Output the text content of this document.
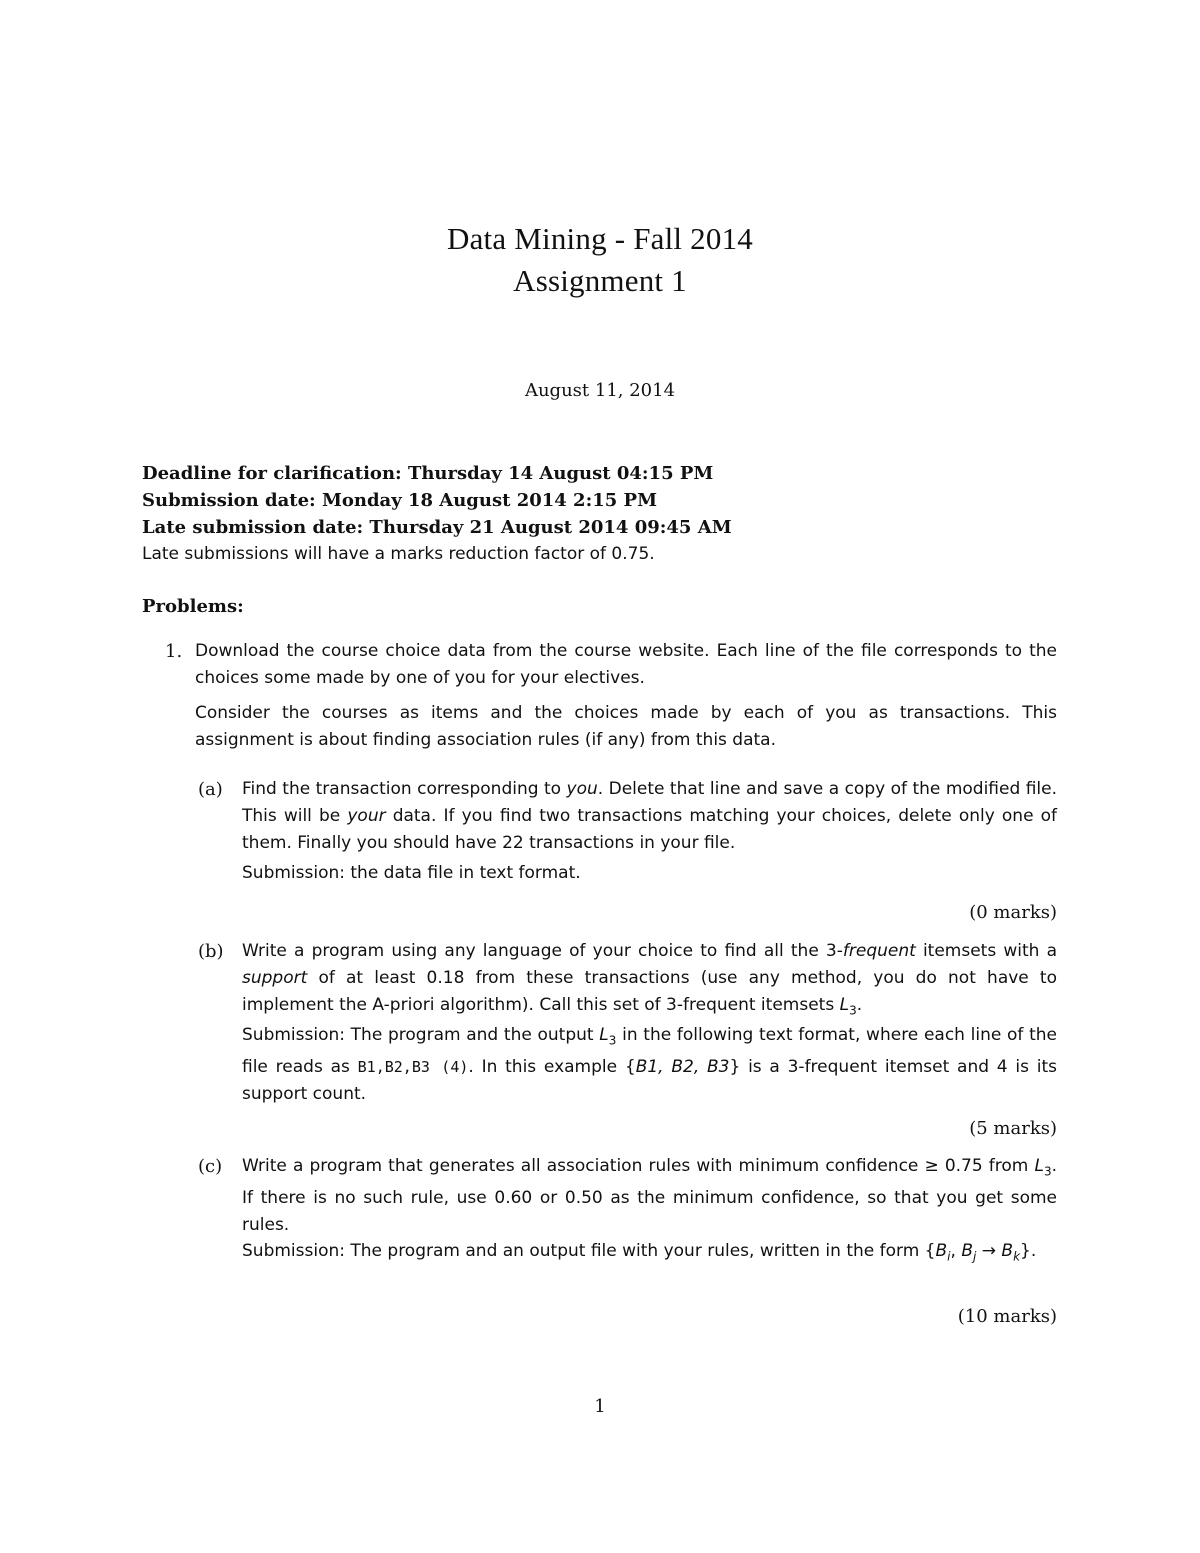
Data Mining - Fall 2014
Assignment 1
August 11, 2014
Deadline for clarification: Thursday 14 August 04:15 PM
Submission date: Monday 18 August 2014 2:15 PM
Late submission date: Thursday 21 August 2014 09:45 AM
Late submissions will have a marks reduction factor of 0.75.
Problems:
1. Download the course choice data from the course website. Each line of the file corresponds to the choices some made by one of you for your electives.
Consider the courses as items and the choices made by each of you as transactions. This assignment is about finding association rules (if any) from this data.
(a) Find the transaction corresponding to you. Delete that line and save a copy of the modified file. This will be your data. If you find two transactions matching your choices, delete only one of them. Finally you should have 22 transactions in your file.
Submission: the data file in text format.
(0 marks)
(b) Write a program using any language of your choice to find all the 3-frequent itemsets with a support of at least 0.18 from these transactions (use any method, you do not have to implement the A-priori algorithm). Call this set of 3-frequent itemsets $L_3$.
Submission: The program and the output $L_3$ in the following text format, where each line of the file reads as B1,B2,B3 (4). In this example {B1, B2, B3} is a 3-frequent itemset and 4 is its support count.
(5 marks)
(c) Write a program that generates all association rules with minimum confidence ≥ 0.75 from $L_3$. If there is no such rule, use 0.60 or 0.50 as the minimum confidence, so that you get some rules.
Submission: The program and an output file with your rules, written in the form {$B_i$, $B_j \to B_k$}.
(10 marks)
1
